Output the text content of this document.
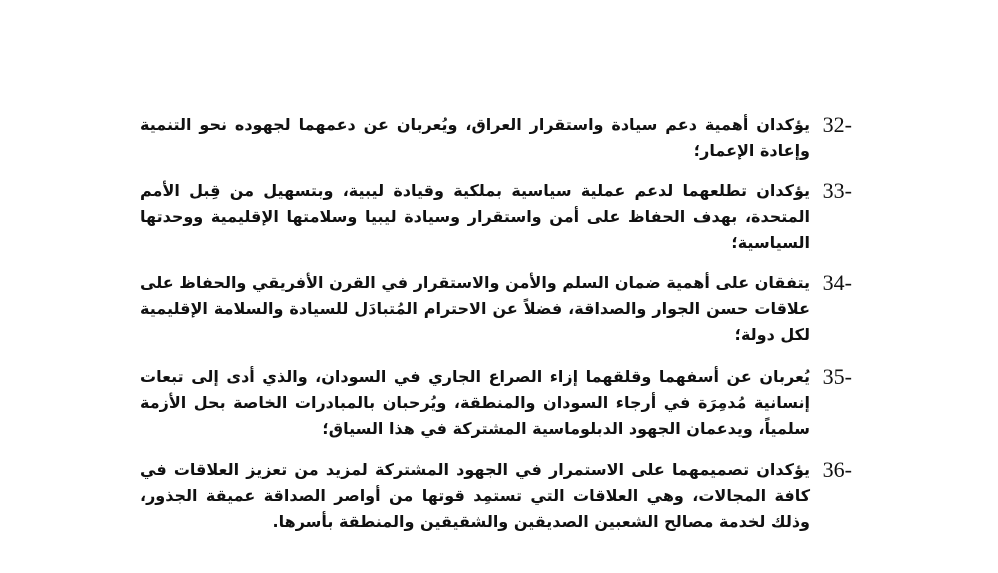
32-

يؤكدان أهمية دعم سيادة واستقرار العراق، ويُعربان عن دعمهما لجهوده نحو التنمية وإعادة الإعمار؛

33-

يؤكدان تطلعهما لدعم عملية سياسية بملكية وقيادة ليبية، وبتسهيل من قِبل الأمم المتحدة، بهدف الحفاظ على أمن واستقرار وسيادة ليبيا وسلامتها الإقليمية ووحدتها السياسية؛

34-

يتفقان على أهمية ضمان السلم والأمن والاستقرار في القرن الأفريقي والحفاظ على علاقات حسن الجوار والصداقة، فضلاً عن الاحترام المُتبادَل للسيادة والسلامة الإقليمية لكل دولة؛

35-

يُعربان عن أسفهما وقلقهما إزاء الصراع الجاري في السودان، والذي أدى إلى تبعات إنسانية مُدمِرَة في أرجاء السودان والمنطقة، ويُرحبان بالمبادرات الخاصة بحل الأزمة سلمياً، ويدعمان الجهود الدبلوماسية المشتركة في هذا السياق؛

36-

يؤكدان تصميمهما على الاستمرار في الجهود المشتركة لمزيد من تعزيز العلاقات في كافة المجالات، وهي العلاقات التي تستمِد قوتها من أواصر الصداقة عميقة الجذور، وذلك لخدمة مصالح الشعبين الصديقين والشقيقين والمنطقة بأسرها.
